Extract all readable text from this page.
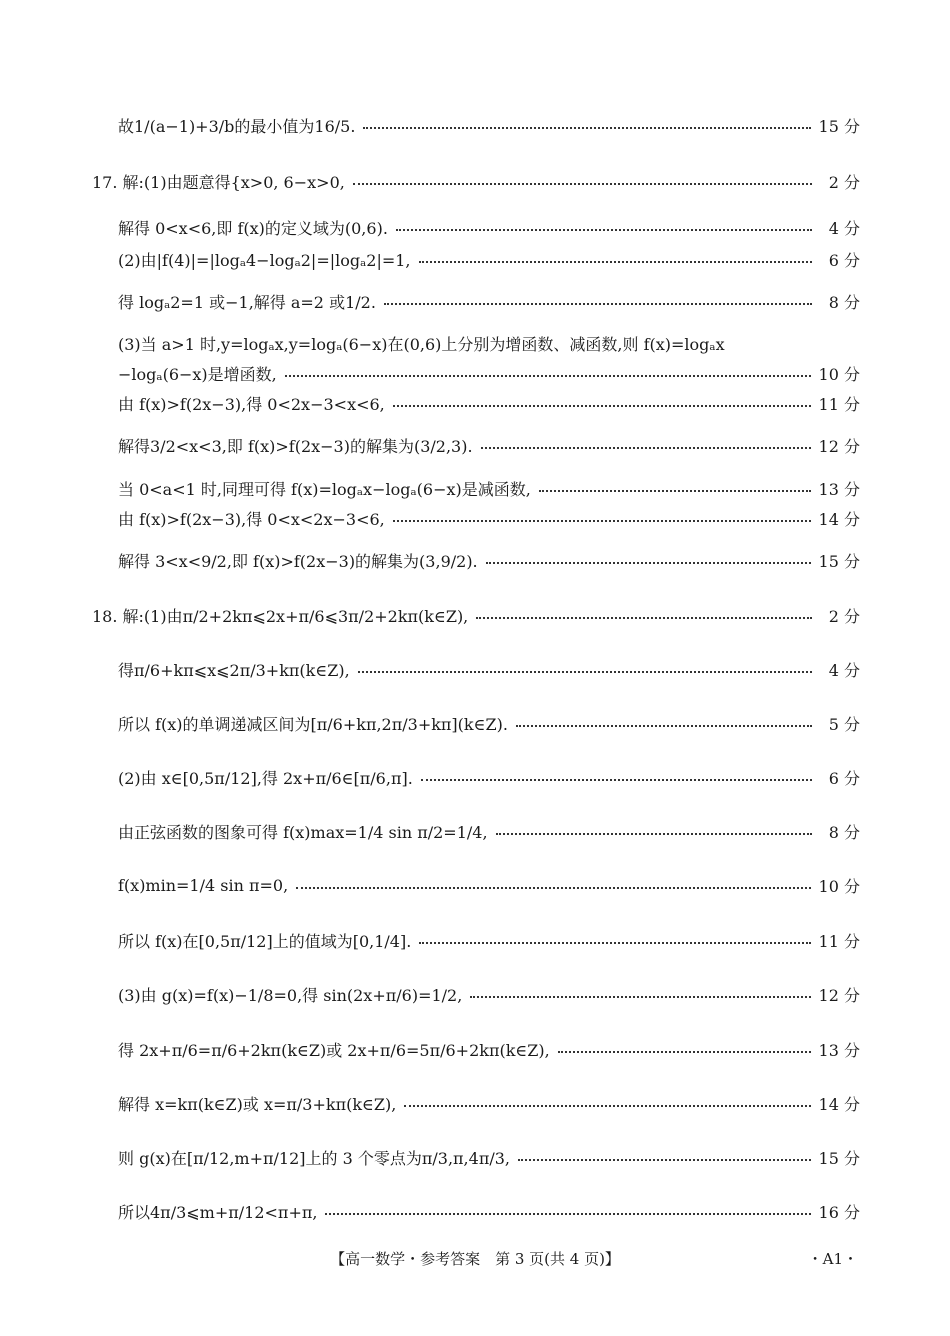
故1/(a−1)+3/b的最小值为16/5.	15 分
17. 解:(1)由题意得{x>0, 6−x>0,	2 分
解得 0<x<6,即 f(x)的定义域为(0,6).	4 分
(2)由|f(4)|=|logₐ4−logₐ2|=|logₐ2|=1,	6 分
得 logₐ2=1 或−1,解得 a=2 或1/2.	8 分
(3)当 a>1 时,y=logₐx,y=logₐ(6−x)在(0,6)上分别为增函数、减函数,则 f(x)=logₐx
−logₐ(6−x)是增函数,	10 分
由 f(x)>f(2x−3),得 0<2x−3<x<6,	11 分
解得3/2<x<3,即 f(x)>f(2x−3)的解集为(3/2,3).	12 分
当 0<a<1 时,同理可得 f(x)=logₐx−logₐ(6−x)是减函数,	13 分
由 f(x)>f(2x−3),得 0<x<2x−3<6,	14 分
解得 3<x<9/2,即 f(x)>f(2x−3)的解集为(3,9/2).	15 分
18. 解:(1)由π/2+2kπ⩽2x+π/6⩽3π/2+2kπ(k∈Z),	2 分
得π/6+kπ⩽x⩽2π/3+kπ(k∈Z),	4 分
所以 f(x)的单调递减区间为[π/6+kπ,2π/3+kπ](k∈Z).	5 分
(2)由 x∈[0,5π/12],得 2x+π/6∈[π/6,π].	6 分
由正弦函数的图象可得 f(x)max=1/4 sin π/2=1/4,	8 分
f(x)min=1/4 sin π=0,	10 分
所以 f(x)在[0,5π/12]上的值域为[0,1/4].	11 分
(3)由 g(x)=f(x)−1/8=0,得 sin(2x+π/6)=1/2,	12 分
得 2x+π/6=π/6+2kπ(k∈Z)或 2x+π/6=5π/6+2kπ(k∈Z),	13 分
解得 x=kπ(k∈Z)或 x=π/3+kπ(k∈Z),	14 分
则 g(x)在[π/12,m+π/12]上的 3 个零点为π/3,π,4π/3,	15 分
所以4π/3⩽m+π/12<π+π,	16 分
【高一数学・参考答案　第 3 页(共 4 页)】	・A1・
